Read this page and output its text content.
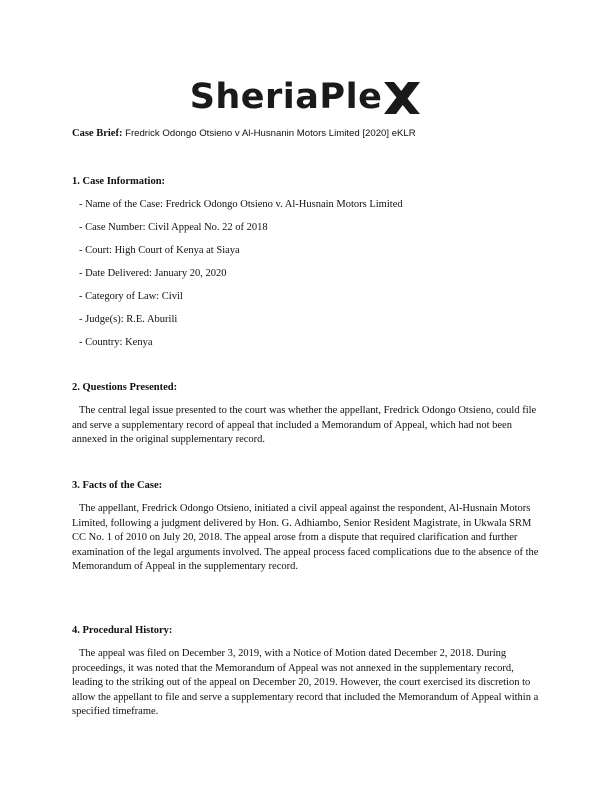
SheriaPle
Case Brief: Fredrick Odongo Otsieno v Al-Husnanin Motors Limited [2020] eKLR
1. Case Information:
- Name of the Case: Fredrick Odongo Otsieno v. Al-Husnain Motors Limited
- Case Number: Civil Appeal No. 22 of 2018
- Court: High Court of Kenya at Siaya
- Date Delivered: January 20, 2020
- Category of Law: Civil
- Judge(s): R.E. Aburili
- Country: Kenya
2. Questions Presented:

The central legal issue presented to the court was whether the appellant, Fredrick Odongo Otsieno, could file and serve a supplementary record of appeal that included a Memorandum of Appeal, which had not been annexed in the original supplementary record.

3. Facts of the Case:

The appellant, Fredrick Odongo Otsieno, initiated a civil appeal against the respondent, Al-Husnain Motors Limited, following a judgment delivered by Hon. G. Adhiambo, Senior Resident Magistrate, in Ukwala SRM CC No. 1 of 2010 on July 20, 2018. The appeal arose from a dispute that required clarification and further examination of the legal arguments involved. The appeal process faced complications due to the absence of the Memorandum of Appeal in the supplementary record.

4. Procedural History:

The appeal was filed on December 3, 2019, with a Notice of Motion dated December 2, 2018. During proceedings, it was noted that the Memorandum of Appeal was not annexed in the supplementary record, leading to the striking out of the appeal on December 20, 2019. However, the court exercised its discretion to allow the appellant to file and serve a supplementary record that included the Memorandum of Appeal within a specified timeframe.
